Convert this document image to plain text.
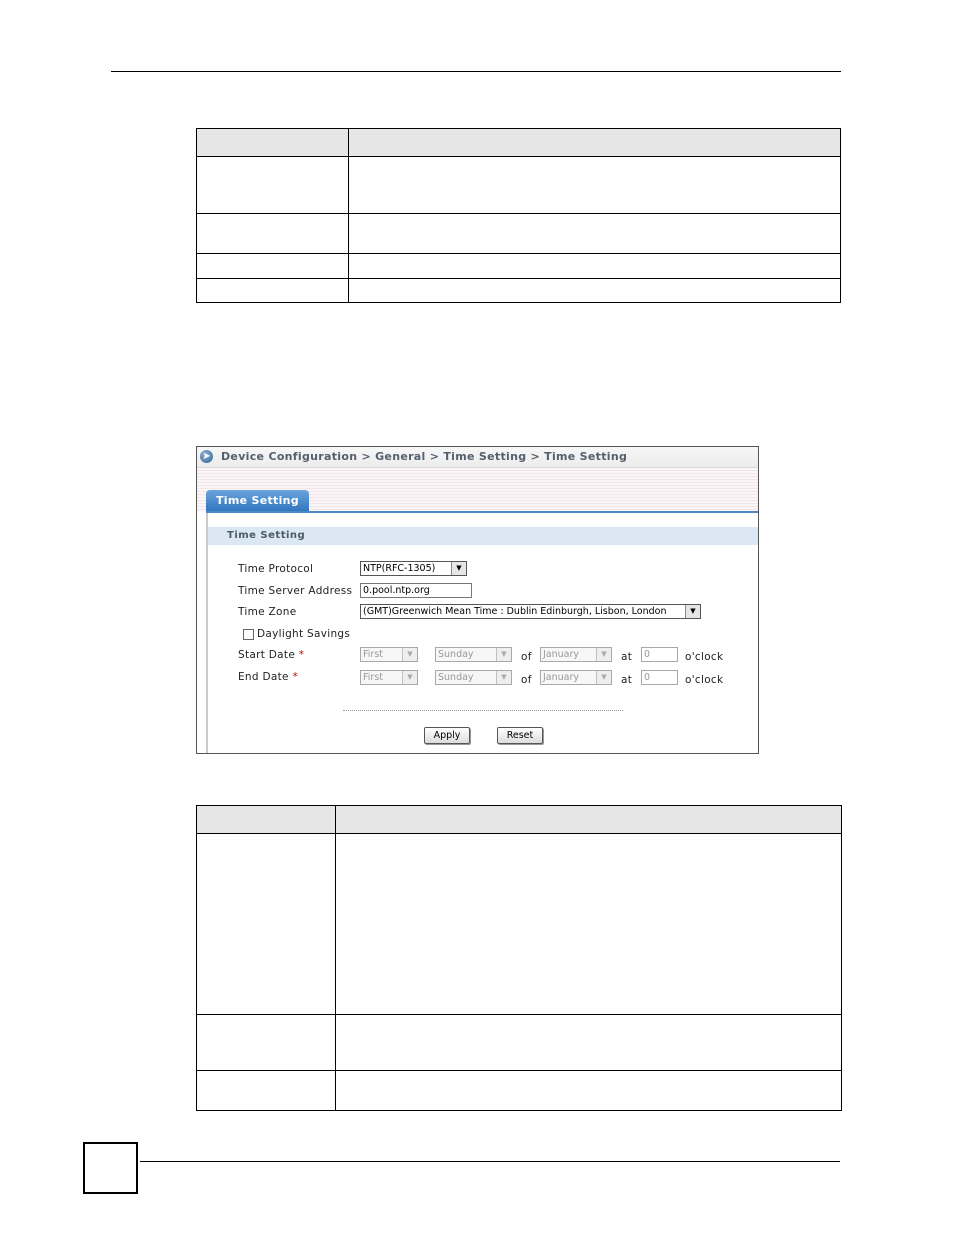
➤ Device Configuration > General > Time Setting > Time Setting
Time Setting
Time Setting
Time Protocol	NTP(RFC-1305)	▼
Time Server Address	0.pool.ntp.org
Time Zone	(GMT)Greenwich Mean Time : Dublin Edinburgh, Lisbon, London	▼
Daylight Savings
Start Date *	First	▼	Sunday	▼	of	January	▼	at	0	o'clock
End Date *	First	▼	Sunday	▼	of	January	▼	at	0	o'clock
Apply	Reset
